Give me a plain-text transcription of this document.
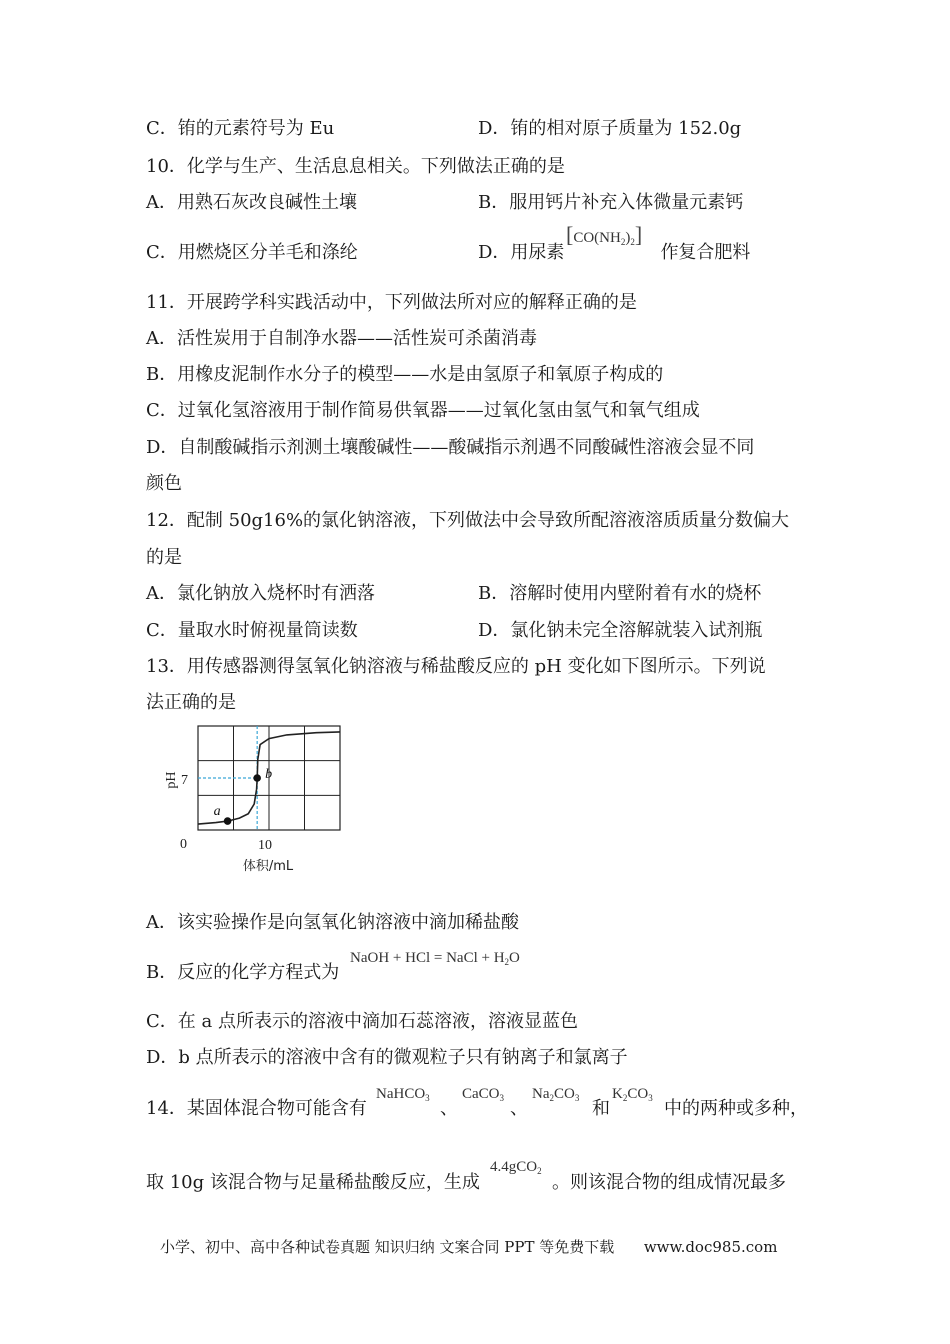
C．铕的元素符号为 Eu	D．铕的相对原子质量为 152.0g
10．化学与生产、生活息息相关。下列做法正确的是
A．用熟石灰改良碱性土壤	B．服用钙片补充入体微量元素钙
C．用燃烧区分羊毛和涤纶	D．用尿素	作复合肥料
$[CO(NH_2)_2]$
11．开展跨学科实践活动中，下列做法所对应的解释正确的是
A．活性炭用于自制净水器——活性炭可杀菌消毒
B．用橡皮泥制作水分子的模型——水是由氢原子和氧原子构成的
C．过氧化氢溶液用于制作简易供氧器——过氧化氢由氢气和氧气组成
D．自制酸碱指示剂测土壤酸碱性——酸碱指示剂遇不同酸碱性溶液会显不同
颜色
12．配制 50g16%的氯化钠溶液，下列做法中会导致所配溶液溶质质量分数偏大
的是
A．氯化钠放入烧杯时有洒落	B．溶解时使用内壁附着有水的烧杯
C．量取水时俯视量筒读数	D．氯化钠未完全溶解就装入试剂瓶
13．用传感器测得氢氧化钠溶液与稀盐酸反应的 pH 变化如下图所示。下列说
法正确的是
a
b
pH 7
0	10
体积/mL
A．该实验操作是向氢氧化钠溶液中滴加稀盐酸
B．反应的化学方程式为
NaOH + HCl = NaCl + $H_2O$
C．在 a 点所表示的溶液中滴加石蕊溶液，溶液显蓝色
D．b 点所表示的溶液中含有的微观粒子只有钠离子和氯离子
14．某固体混合物可能含有
NaHCO$_3$ 、
CaCO$_3$ 、
$Na_2CO_3$ 和
$K_2CO_3$ 中的两种或多种，
取 10g 该混合物与足量稀盐酸反应，生成
4.4gCO$_2$
。则该混合物的组成情况最多
小学、初中、高中各种试卷真题 知识归纳 文案合同 PPT 等免费下载 www.doc985.com
